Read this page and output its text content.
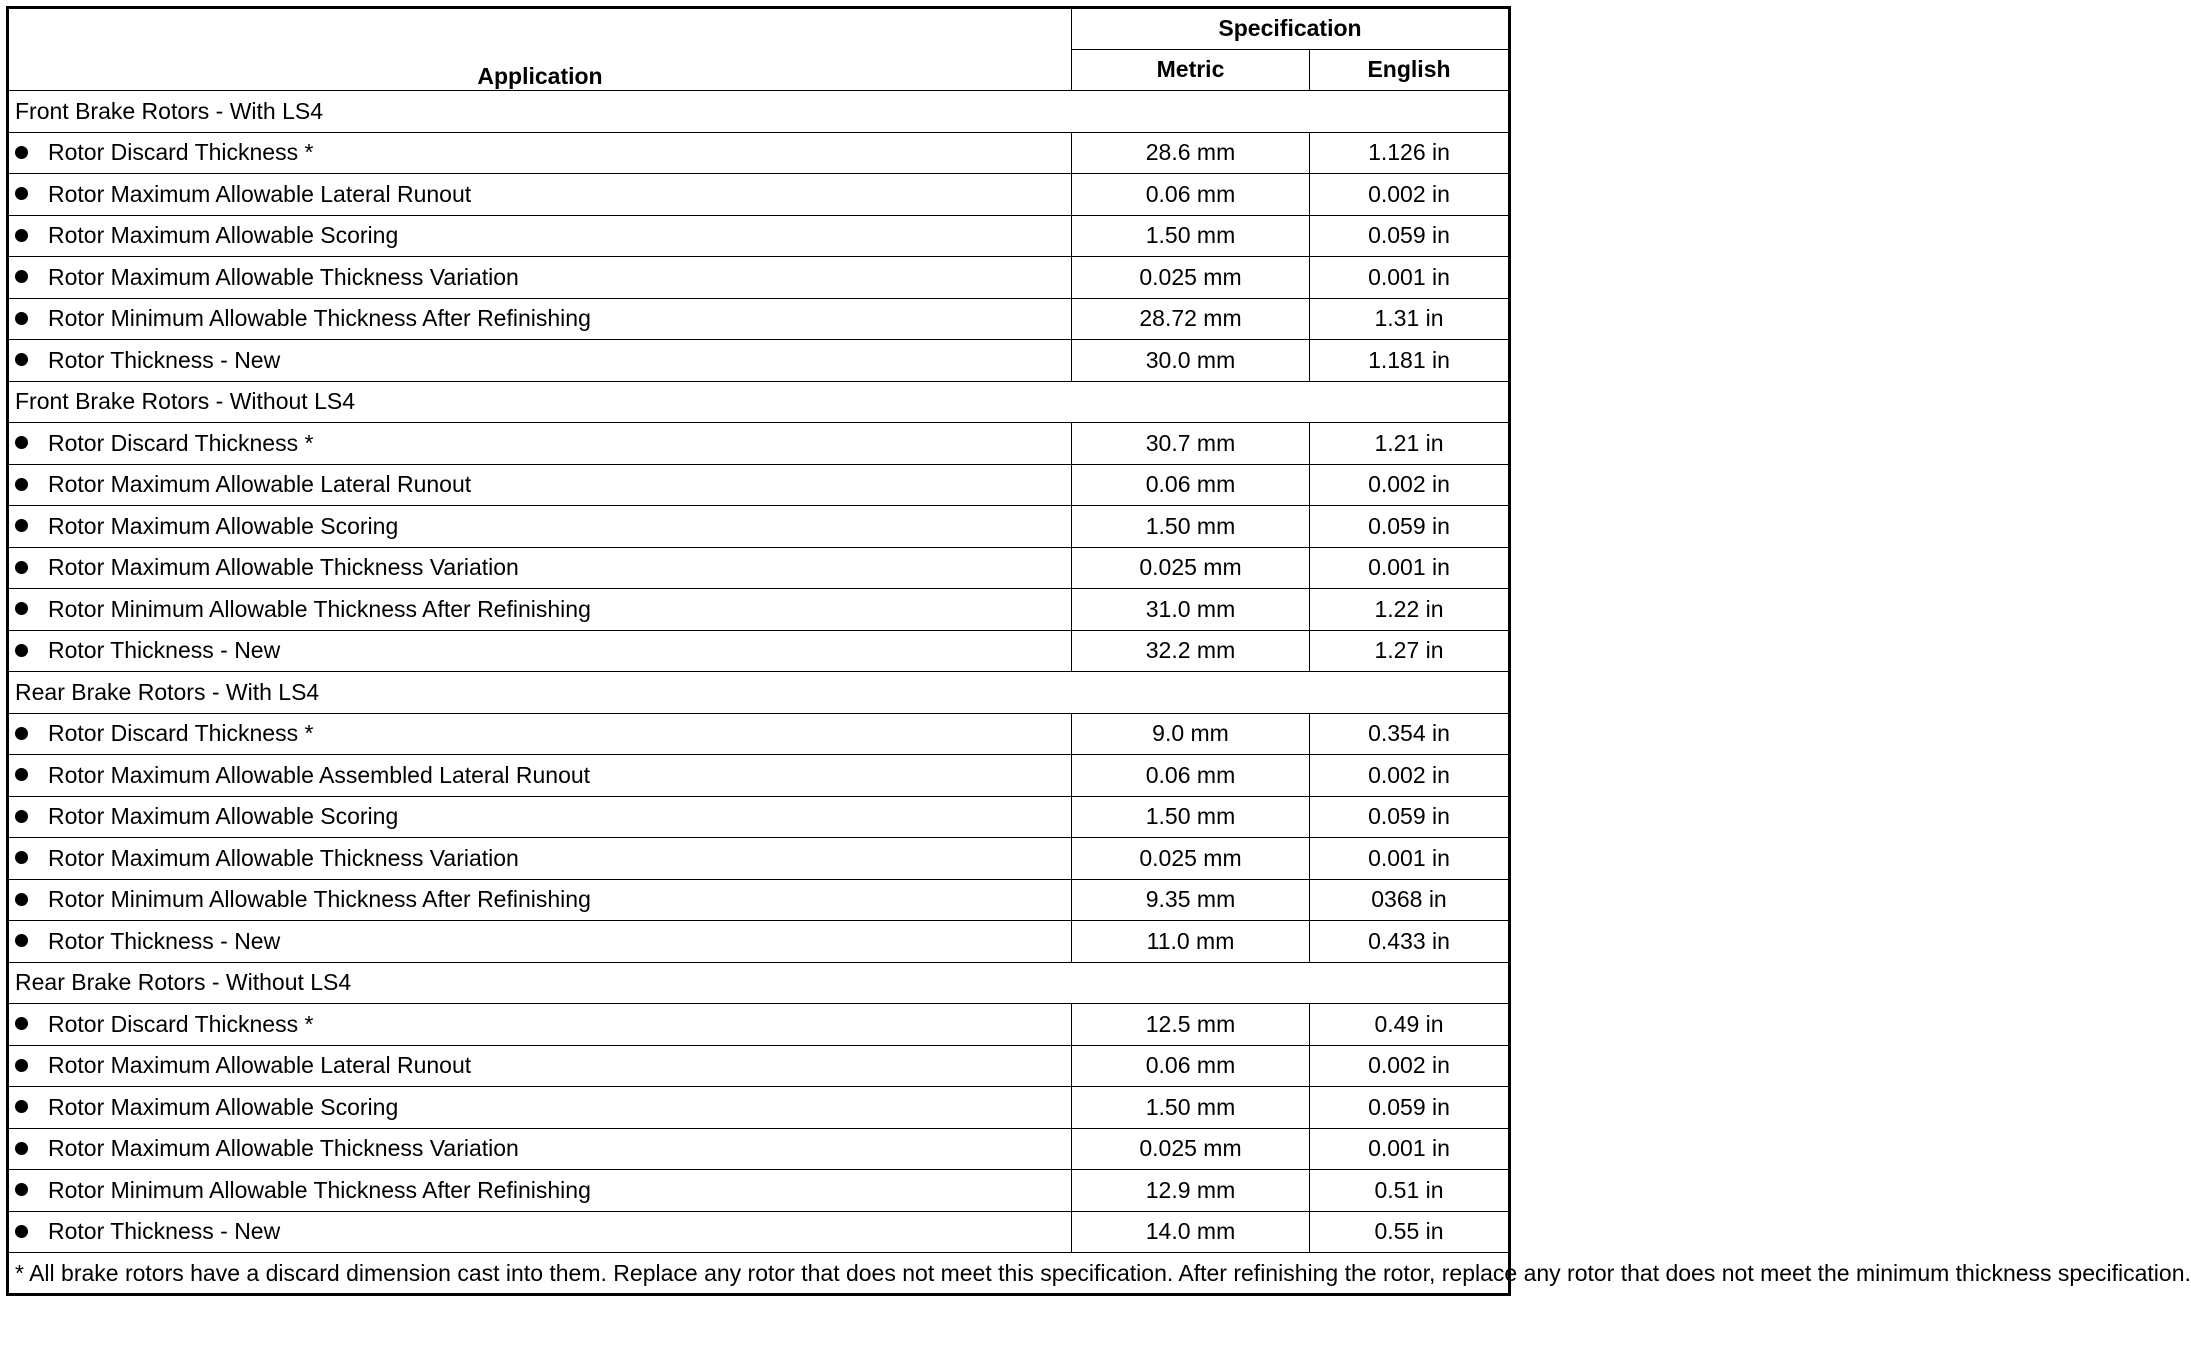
Application	Specification	
	Metric	English
Front Brake Rotors - With LS4		
Rotor Discard Thickness *	28.6 mm	1.126 in
Rotor Maximum Allowable Lateral Runout	0.06 mm	0.002 in
Rotor Maximum Allowable Scoring	1.50 mm	0.059 in
Rotor Maximum Allowable Thickness Variation	0.025 mm	0.001 in
Rotor Minimum Allowable Thickness After Refinishing	28.72 mm	1.31 in
Rotor Thickness - New	30.0 mm	1.181 in
Front Brake Rotors - Without LS4		
Rotor Discard Thickness *	30.7 mm	1.21 in
Rotor Maximum Allowable Lateral Runout	0.06 mm	0.002 in
Rotor Maximum Allowable Scoring	1.50 mm	0.059 in
Rotor Maximum Allowable Thickness Variation	0.025 mm	0.001 in
Rotor Minimum Allowable Thickness After Refinishing	31.0 mm	1.22 in
Rotor Thickness - New	32.2 mm	1.27 in
Rear Brake Rotors - With LS4		
Rotor Discard Thickness *	9.0 mm	0.354 in
Rotor Maximum Allowable Assembled Lateral Runout	0.06 mm	0.002 in
Rotor Maximum Allowable Scoring	1.50 mm	0.059 in
Rotor Maximum Allowable Thickness Variation	0.025 mm	0.001 in
Rotor Minimum Allowable Thickness After Refinishing	9.35 mm	0368 in
Rotor Thickness - New	11.0 mm	0.433 in
Rear Brake Rotors - Without LS4		
Rotor Discard Thickness *	12.5 mm	0.49 in
Rotor Maximum Allowable Lateral Runout	0.06 mm	0.002 in
Rotor Maximum Allowable Scoring	1.50 mm	0.059 in
Rotor Maximum Allowable Thickness Variation	0.025 mm	0.001 in
Rotor Minimum Allowable Thickness After Refinishing	12.9 mm	0.51 in
Rotor Thickness - New	14.0 mm	0.55 in
* All brake rotors have a discard dimension cast into them. Replace any rotor that does not meet this specification. After refinishing the rotor, replace any rotor that does not meet the minimum thickness specification.		
